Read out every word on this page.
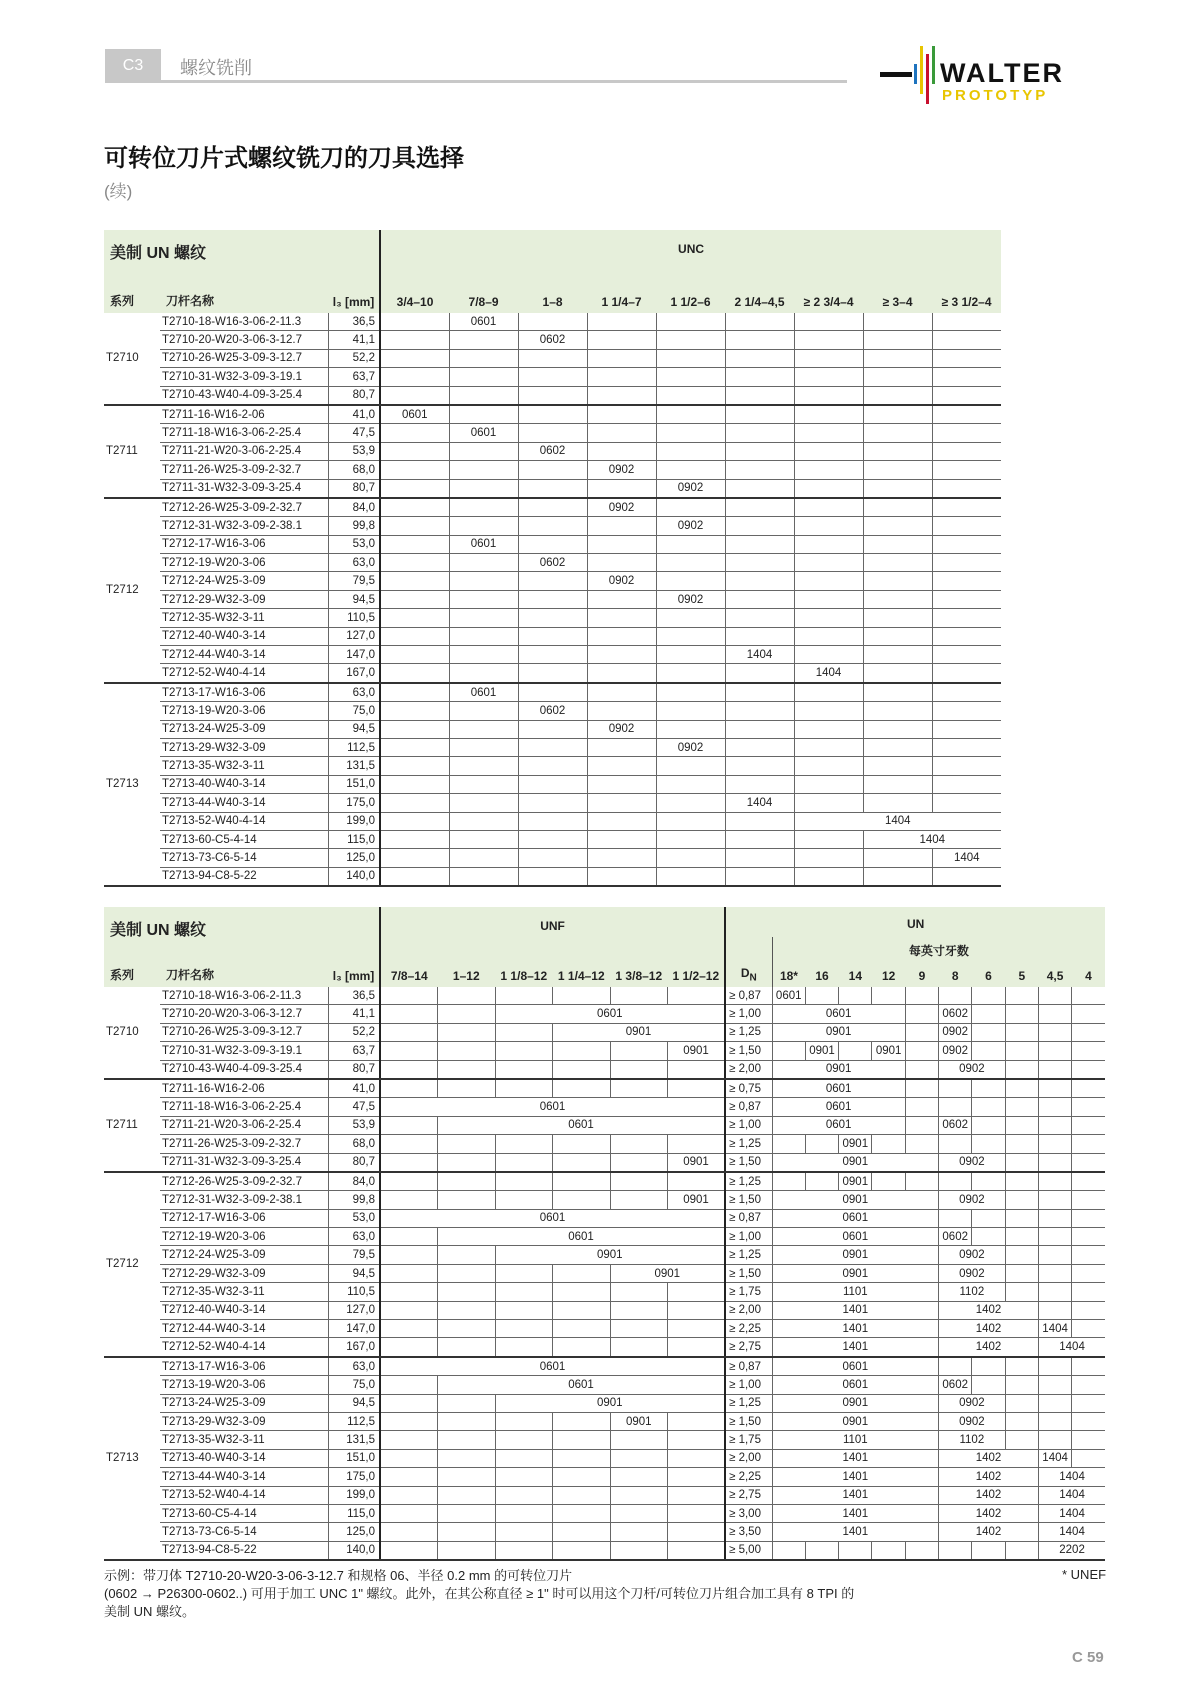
C3	螺纹铣削	WALTER
PROTOTYP
可转位刀片式螺纹铣刀的刀具选择
(续)
美制 UN 螺纹			UNC								
系列	刀杆名称	l₃ [mm]	3/4–10	7/8–9	1–8	1 1/4–7	1 1/2–6	2 1/4–4,5	≥ 2 3/4–4	≥ 3–4	≥ 3 1/2–4
T2710	T2710-18-W16-3-06-2-11.3	36,5		0601							
	T2710-20-W20-3-06-3-12.7	41,1			0602						
	T2710-26-W25-3-09-3-12.7	52,2									
	T2710-31-W32-3-09-3-19.1	63,7									
	T2710-43-W40-4-09-3-25.4	80,7									
T2711	T2711-16-W16-2-06	41,0	0601								
	T2711-18-W16-3-06-2-25.4	47,5		0601							
	T2711-21-W20-3-06-2-25.4	53,9			0602						
	T2711-26-W25-3-09-2-32.7	68,0				0902					
	T2711-31-W32-3-09-3-25.4	80,7					0902				
T2712	T2712-26-W25-3-09-2-32.7	84,0				0902					
	T2712-31-W32-3-09-2-38.1	99,8					0902				
	T2712-17-W16-3-06	53,0		0601							
	T2712-19-W20-3-06	63,0			0602						
	T2712-24-W25-3-09	79,5				0902					
	T2712-29-W32-3-09	94,5					0902				
	T2712-35-W32-3-11	110,5									
	T2712-40-W40-3-14	127,0									
	T2712-44-W40-3-14	147,0						1404			
	T2712-52-W40-4-14	167,0							1404		
T2713	T2713-17-W16-3-06	63,0		0601							
	T2713-19-W20-3-06	75,0			0602						
	T2713-24-W25-3-09	94,5				0902					
	T2713-29-W32-3-09	112,5					0902				
	T2713-35-W32-3-11	131,5									
	T2713-40-W40-3-14	151,0									
	T2713-44-W40-3-14	175,0						1404			
	T2713-52-W40-4-14	199,0							1404		
	T2713-60-C5-4-14	115,0								1404	
	T2713-73-C6-5-14	125,0									1404
	T2713-94-C8-5-22	140,0									
美制 UN 螺纹			UNF						UN										
										每英寸牙数									
系列	刀杆名称	l₃ [mm]	7/8–14	1–12	1 1/8–12	1 1/4–12	1 3/8–12	1 1/2–12	$D_N$	18*	16	14	12	9	8	6	5	4,5	4
T2710	T2710-18-W16-3-06-2-11.3	36,5							≥ 0,87	0601									
	T2710-20-W20-3-06-3-12.7	41,1			0601				≥ 1,00	0601					0602				
	T2710-26-W25-3-09-3-12.7	52,2				0901			≥ 1,25	0901					0902				
	T2710-31-W32-3-09-3-19.1	63,7						0901	≥ 1,50		0901		0901		0902				
	T2710-43-W40-4-09-3-25.4	80,7							≥ 2,00	0901					0902				
T2711	T2711-16-W16-2-06	41,0							≥ 0,75	0601									
	T2711-18-W16-3-06-2-25.4	47,5	0601						≥ 0,87	0601									
	T2711-21-W20-3-06-2-25.4	53,9		0601					≥ 1,00	0601					0602				
	T2711-26-W25-3-09-2-32.7	68,0							≥ 1,25			0901							
	T2711-31-W32-3-09-3-25.4	80,7						0901	≥ 1,50	0901					0902				
T2712	T2712-26-W25-3-09-2-32.7	84,0							≥ 1,25			0901							
	T2712-31-W32-3-09-2-38.1	99,8						0901	≥ 1,50	0901					0902				
	T2712-17-W16-3-06	53,0	0601						≥ 0,87	0601									
	T2712-19-W20-3-06	63,0		0601					≥ 1,00	0601					0602				
	T2712-24-W25-3-09	79,5			0901				≥ 1,25	0901					0902				
	T2712-29-W32-3-09	94,5					0901		≥ 1,50	0901					0902				
	T2712-35-W32-3-11	110,5							≥ 1,75	1101					1102				
	T2712-40-W40-3-14	127,0							≥ 2,00	1401					1402				
	T2712-44-W40-3-14	147,0							≥ 2,25	1401					1402			1404	
	T2712-52-W40-4-14	167,0							≥ 2,75	1401					1402			1404	
T2713	T2713-17-W16-3-06	63,0	0601						≥ 0,87	0601									
	T2713-19-W20-3-06	75,0		0601					≥ 1,00	0601					0602				
	T2713-24-W25-3-09	94,5			0901				≥ 1,25	0901					0902				
	T2713-29-W32-3-09	112,5					0901		≥ 1,50	0901					0902				
	T2713-35-W32-3-11	131,5							≥ 1,75	1101					1102				
	T2713-40-W40-3-14	151,0							≥ 2,00	1401					1402			1404	
	T2713-44-W40-3-14	175,0							≥ 2,25	1401					1402			1404	
	T2713-52-W40-4-14	199,0							≥ 2,75	1401					1402			1404	
	T2713-60-C5-4-14	115,0							≥ 3,00	1401					1402			1404	
	T2713-73-C6-5-14	125,0							≥ 3,50	1401					1402			1404	
	T2713-94-C8-5-22	140,0							≥ 5,00									2202	
示例：带刀体 T2710-20-W20-3-06-3-12.7 和规格 06、半径 0.2 mm 的可转位刀片
(0602 → P26300-0602..) 可用于加工 UNC 1" 螺纹。此外，在其公称直径 ≥ 1" 时可以用这个刀杆/可转位刀片组合加工具有 8 TPI 的
美制 UN 螺纹。
* UNEF
C 59
